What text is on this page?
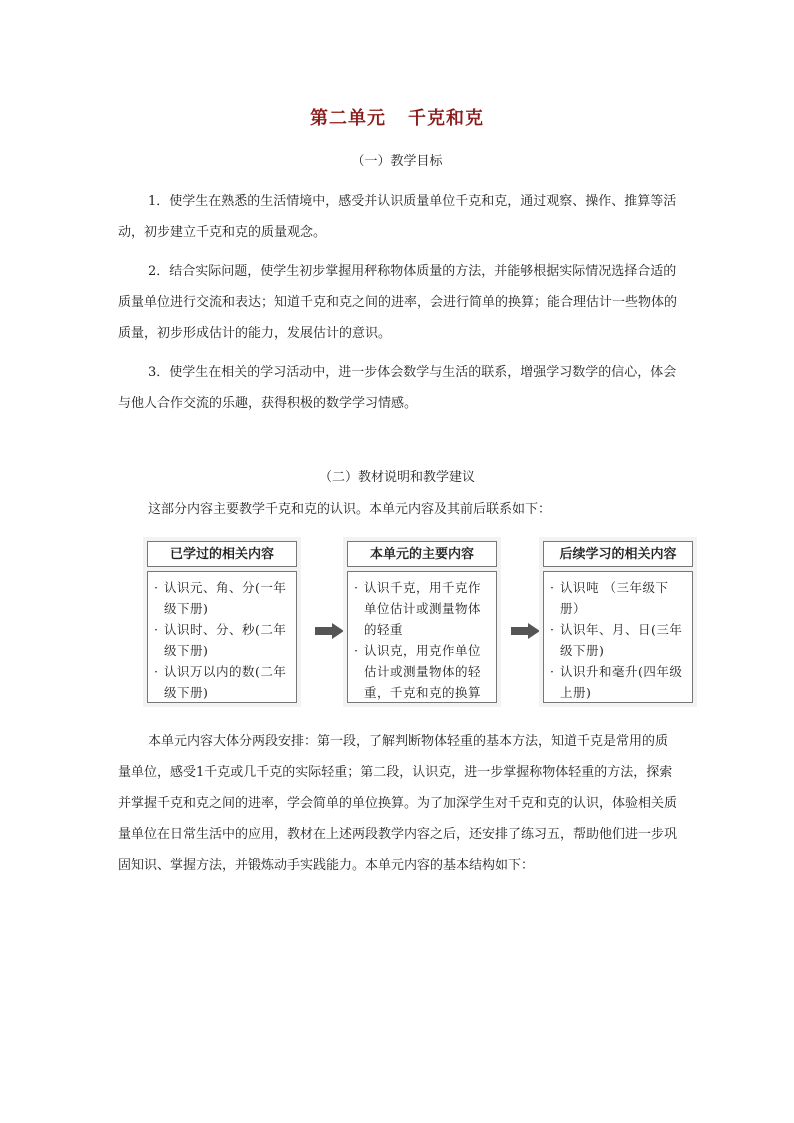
第二单元 千克和克
（一）教学目标

1．使学生在熟悉的生活情境中，感受并认识质量单位千克和克，通过观察、操作、推算等活动，初步建立千克和克的质量观念。

2．结合实际问题，使学生初步掌握用秤称物体质量的方法，并能够根据实际情况选择合适的质量单位进行交流和表达；知道千克和克之间的进率，会进行简单的换算；能合理估计一些物体的质量，初步形成估计的能力，发展估计的意识。

3．使学生在相关的学习活动中，进一步体会数学与生活的联系，增强学习数学的信心，体会与他人合作交流的乐趣，获得积极的数学学习情感。

（二）教材说明和教学建议

这部分内容主要教学千克和克的认识。本单元内容及其前后联系如下：

已学过的相关内容
· 认识元、角、分(一年级下册)
· 认识时、分、秒(二年级下册)
· 认识万以内的数(二年级下册)
本单元的主要内容
· 认识千克，用千克作单位估计或测量物体的轻重
· 认识克，用克作单位估计或测量物体的轻重，千克和克的换算
后续学习的相关内容
· 认识吨 （三年级下册）
· 认识年、月、日(三年级下册)
· 认识升和毫升(四年级上册)

本单元内容大体分两段安排：第一段，了解判断物体轻重的基本方法，知道千克是常用的质量单位，感受1千克或几千克的实际轻重；第二段，认识克，进一步掌握称物体轻重的方法，探索并掌握千克和克之间的进率，学会简单的单位换算。为了加深学生对千克和克的认识，体验相关质量单位在日常生活中的应用，教材在上述两段教学内容之后，还安排了练习五，帮助他们进一步巩固知识、掌握方法，并锻炼动手实践能力。本单元内容的基本结构如下：
